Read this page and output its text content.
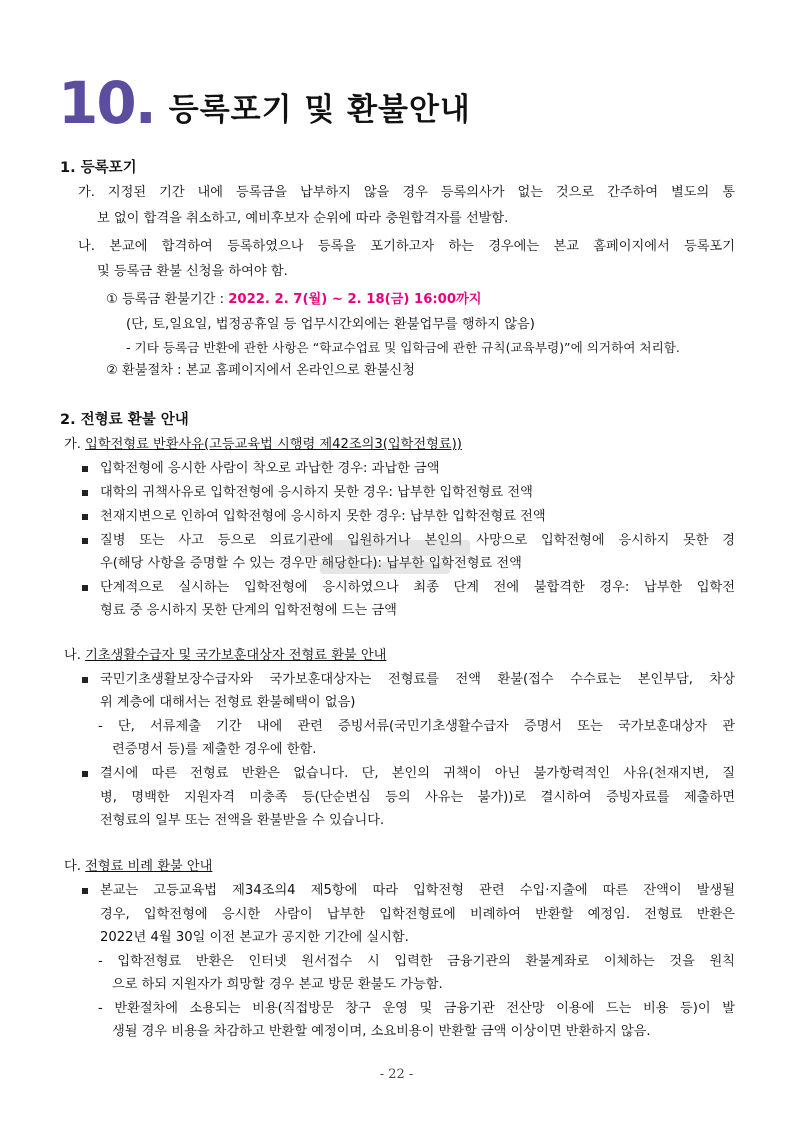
10. 등록포기 및 환불안내
1. 등록포기
가. 지정된 기간 내에 등록금을 납부하지 않을 경우 등록의사가 없는 것으로 간주하여 별도의 통
보 없이 합격을 취소하고, 예비후보자 순위에 따라 충원합격자를 선발함.
나. 본교에 합격하여 등록하였으나 등록을 포기하고자 하는 경우에는 본교 홈페이지에서 등록포기
및 등록금 환불 신청을 하여야 함.
① 등록금 환불기간 : 2022. 2. 7(월) ~ 2. 18(금) 16:00까지
(단, 토,일요일, 법정공휴일 등 업무시간외에는 환불업무를 행하지 않음)
- 기타 등록금 반환에 관한 사항은 “학교수업료 및 입학금에 관한 규칙(교육부령)”에 의거하여 처리함.
② 환불절차 : 본교 홈페이지에서 온라인으로 환불신청
2. 전형료 환불 안내
가. 입학전형료 반환사유(고등교육법 시행령 제42조의3(입학전형료))
입학전형에 응시한 사람이 착오로 과납한 경우: 과납한 금액
대학의 귀책사유로 입학전형에 응시하지 못한 경우: 납부한 입학전형료 전액
천재지변으로 인하여 입학전형에 응시하지 못한 경우: 납부한 입학전형료 전액
질병 또는 사고 등으로 의료기관에 입원하거나 본인의 사망으로 입학전형에 응시하지 못한 경
우(해당 사항을 증명할 수 있는 경우만 해당한다): 납부한 입학전형료 전액
단계적으로 실시하는 입학전형에 응시하였으나 최종 단계 전에 불합격한 경우: 납부한 입학전
형료 중 응시하지 못한 단계의 입학전형에 드는 금액
나. 기초생활수급자 및 국가보훈대상자 전형료 환불 안내
국민기초생활보장수급자와 국가보훈대상자는 전형료를 전액 환불(접수 수수료는 본인부담, 차상
위 계층에 대해서는 전형료 환불혜택이 없음)
- 단, 서류제출 기간 내에 관련 증빙서류(국민기초생활수급자 증명서 또는 국가보훈대상자 관
련증명서 등)를 제출한 경우에 한함.
결시에 따른 전형료 반환은 없습니다. 단, 본인의 귀책이 아닌 불가항력적인 사유(천재지변, 질
병, 명백한 지원자격 미충족 등(단순변심 등의 사유는 불가))로 결시하여 증빙자료를 제출하면
전형료의 일부 또는 전액을 환불받을 수 있습니다.
다. 전형료 비례 환불 안내
본교는 고등교육법 제34조의4 제5항에 따라 입학전형 관련 수입·지출에 따른 잔액이 발생될
경우, 입학전형에 응시한 사람이 납부한 입학전형료에 비례하여 반환할 예정임. 전형료 반환은
2022년 4월 30일 이전 본교가 공지한 기간에 실시함.
- 입학전형료 반환은 인터넷 원서접수 시 입력한 금융기관의 환불계좌로 이체하는 것을 원칙
으로 하되 지원자가 희망할 경우 본교 방문 환불도 가능함.
- 반환절차에 소용되는 비용(직접방문 창구 운영 및 금융기관 전산망 이용에 드는 비용 등)이 발
생될 경우 비용을 차감하고 반환할 예정이며, 소요비용이 반환할 금액 이상이면 반환하지 않음.
- 22 -
